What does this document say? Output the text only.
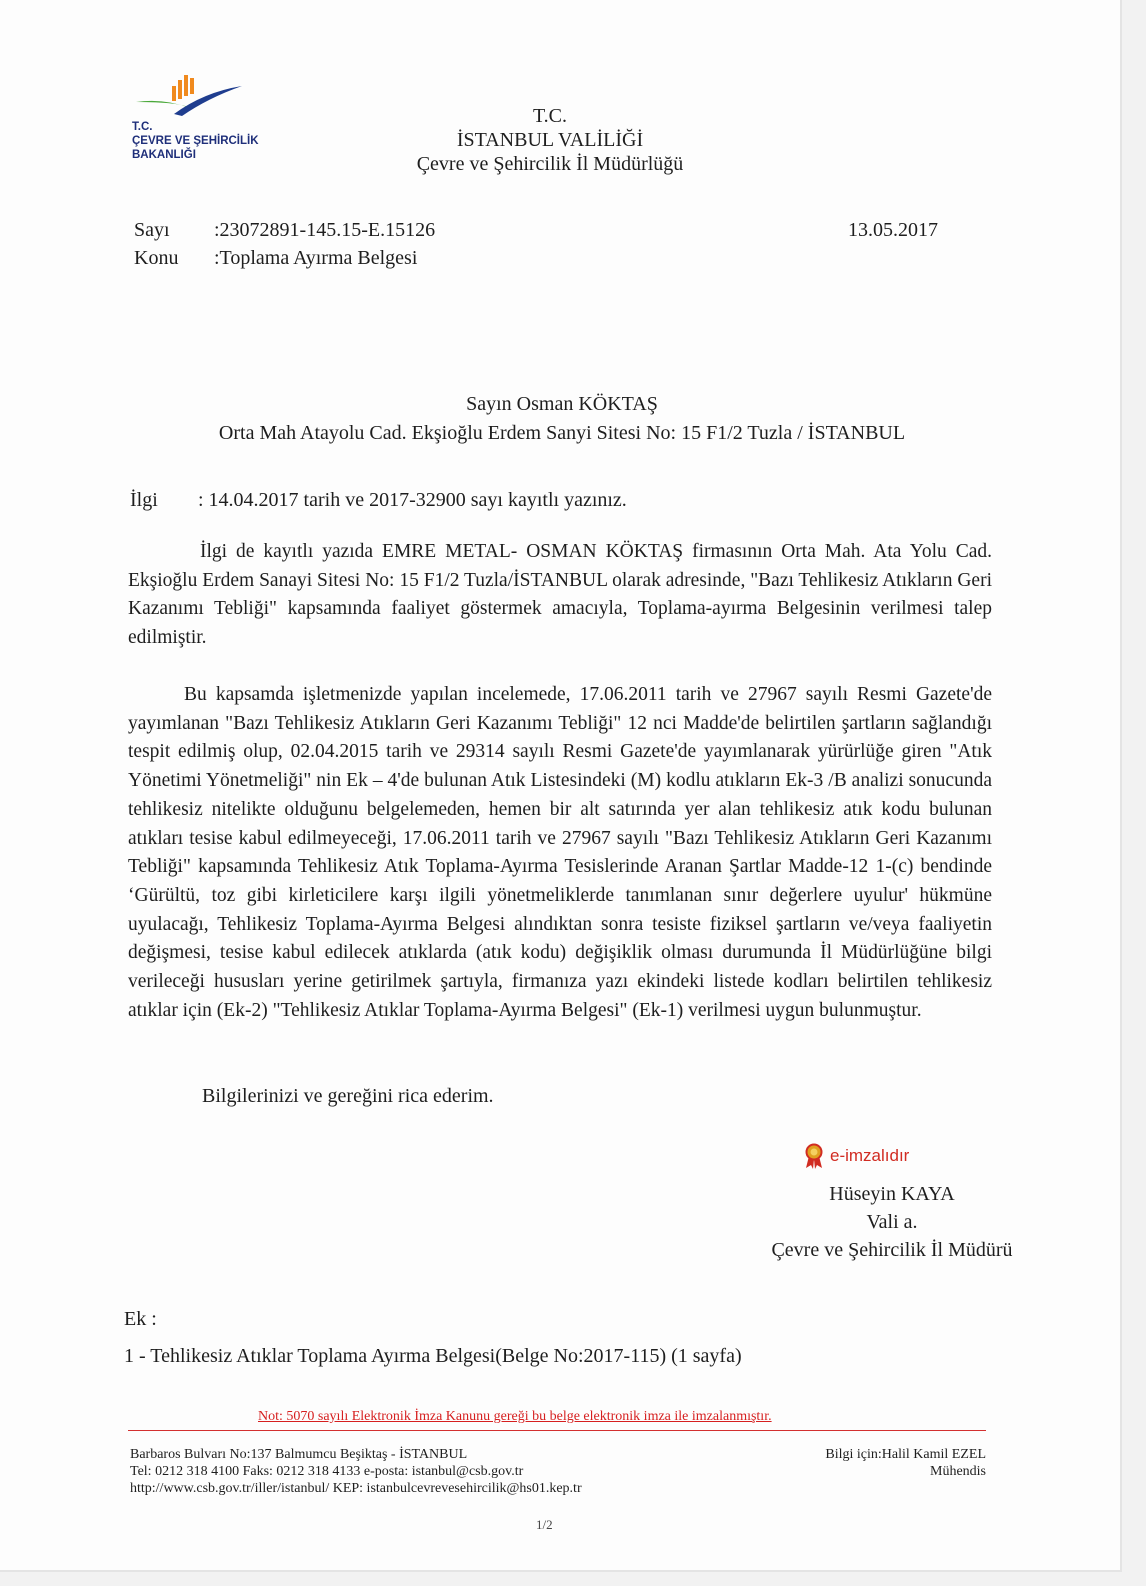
T.C.
ÇEVRE VE ŞEHİRCİLİK
BAKANLIĞI
T.C.
İSTANBUL VALİLİĞİ
Çevre ve Şehircilik İl Müdürlüğü
Sayı :23072891-145.15-E.15126
Konu :Toplama Ayırma Belgesi
13.05.2017
Sayın Osman KÖKTAŞ
Orta Mah Atayolu Cad. Ekşioğlu Erdem Sanyi Sitesi No: 15 F1/2 Tuzla / İSTANBUL
İlgi : 14.04.2017 tarih ve 2017-32900 sayı kayıtlı yazınız.
İlgi de kayıtlı yazıda EMRE METAL- OSMAN KÖKTAŞ firmasının Orta Mah. Ata Yolu Cad. Ekşioğlu Erdem Sanayi Sitesi No: 15 F1/2 Tuzla/İSTANBUL olarak adresinde, "Bazı Tehlikesiz Atıkların Geri Kazanımı Tebliği" kapsamında faaliyet göstermek amacıyla, Toplama-ayırma Belgesinin verilmesi talep edilmiştir.
Bu kapsamda işletmenizde yapılan incelemede, 17.06.2011 tarih ve 27967 sayılı Resmi Gazete'de yayımlanan "Bazı Tehlikesiz Atıkların Geri Kazanımı Tebliği" 12 nci Madde'de belirtilen şartların sağlandığı tespit edilmiş olup, 02.04.2015 tarih ve 29314 sayılı Resmi Gazete'de yayımlanarak yürürlüğe giren "Atık Yönetimi Yönetmeliği" nin Ek – 4'de bulunan Atık Listesindeki (M) kodlu atıkların Ek-3 /B analizi sonucunda tehlikesiz nitelikte olduğunu belgelemeden, hemen bir alt satırında yer alan tehlikesiz atık kodu bulunan atıkları tesise kabul edilmeyeceği, 17.06.2011 tarih ve 27967 sayılı "Bazı Tehlikesiz Atıkların Geri Kazanımı Tebliği" kapsamında Tehlikesiz Atık Toplama-Ayırma Tesislerinde Aranan Şartlar Madde-12 1-(c) bendinde ‘Gürültü, toz gibi kirleticilere karşı ilgili yönetmeliklerde tanımlanan sınır değerlere uyulur' hükmüne uyulacağı, Tehlikesiz Toplama-Ayırma Belgesi alındıktan sonra tesiste fiziksel şartların ve/veya faaliyetin değişmesi, tesise kabul edilecek atıklarda (atık kodu) değişiklik olması durumunda İl Müdürlüğüne bilgi verileceği hususları yerine getirilmek şartıyla, firmanıza yazı ekindeki listede kodları belirtilen tehlikesiz atıklar için (Ek-2) "Tehlikesiz Atıklar Toplama-Ayırma Belgesi" (Ek-1) verilmesi uygun bulunmuştur.
Bilgilerinizi ve gereğini rica ederim.
e-imzalıdır
Hüseyin KAYA
Vali a.
Çevre ve Şehircilik İl Müdürü
Ek :
1 - Tehlikesiz Atıklar Toplama Ayırma Belgesi(Belge No:2017-115) (1 sayfa)
Not: 5070 sayılı Elektronik İmza Kanunu gereği bu belge elektronik imza ile imzalanmıştır.
Barbaros Bulvarı No:137 Balmumcu Beşiktaş - İSTANBUL
Tel: 0212 318 4100 Faks: 0212 318 4133 e-posta: istanbul@csb.gov.tr
http://www.csb.gov.tr/iller/istanbul/ KEP: istanbulcevrevesehircilik@hs01.kep.tr
Bilgi için:Halil Kamil EZEL
Mühendis
1/2
